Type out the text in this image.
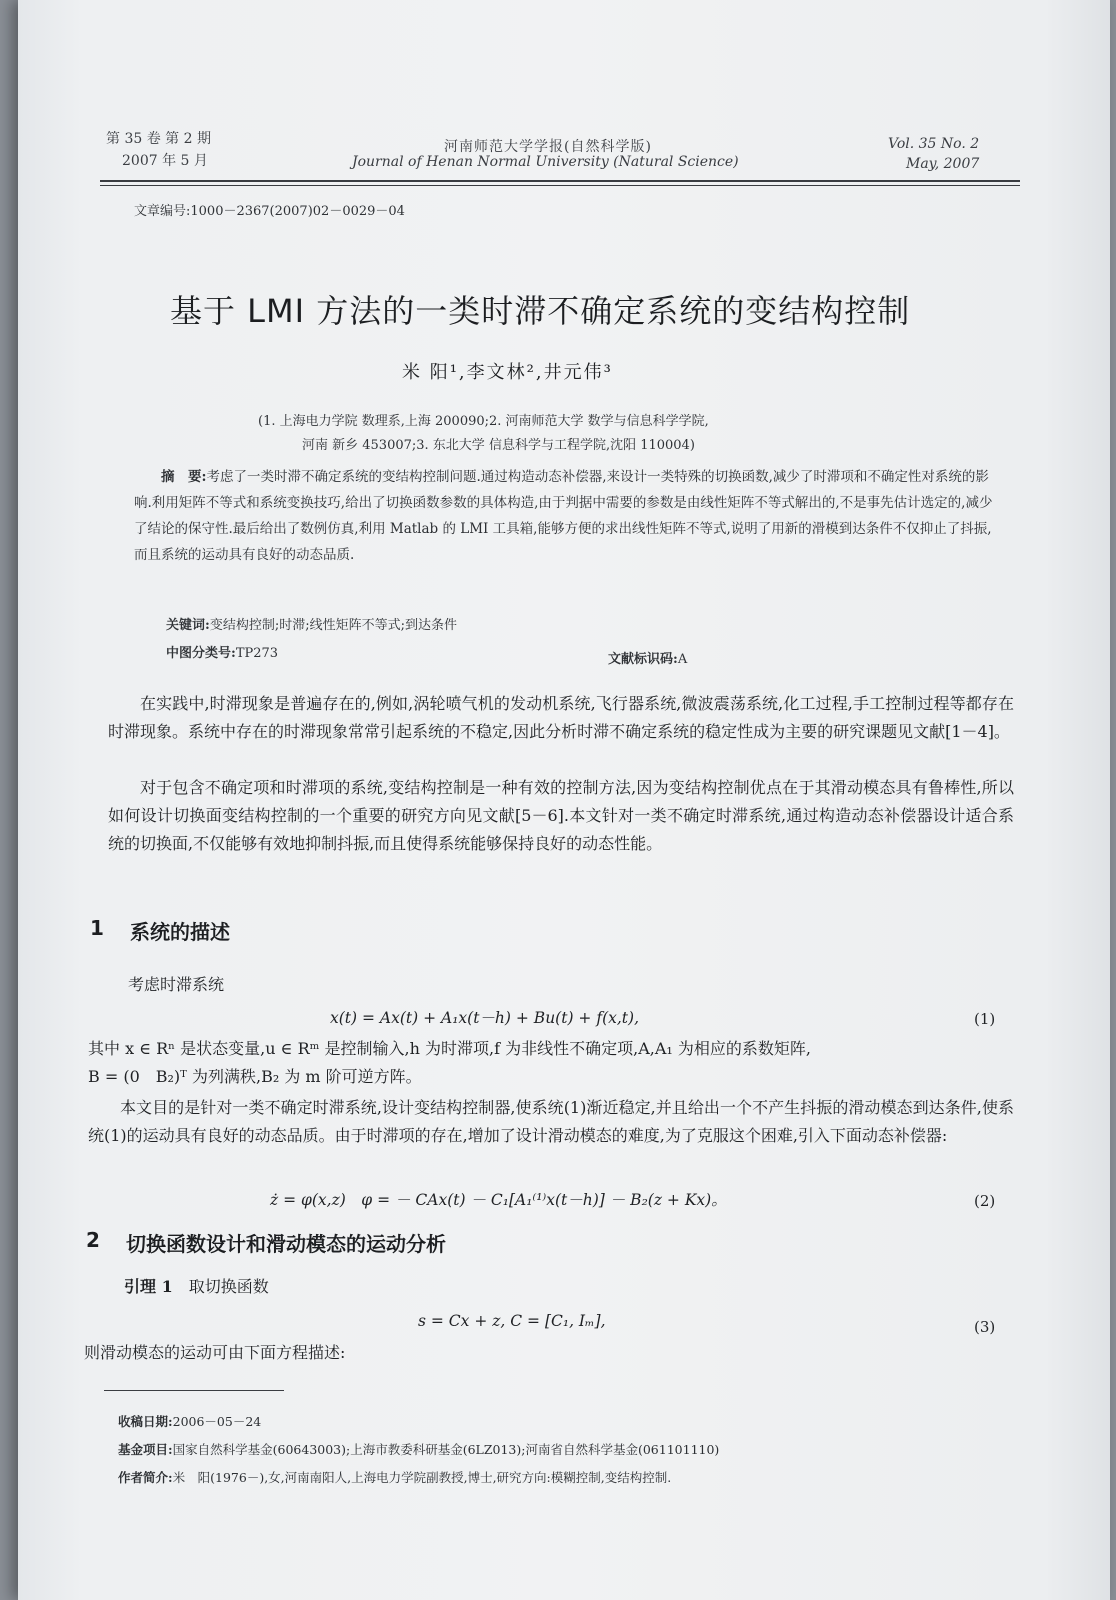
第 35 卷 第 2 期
2007 年 5 月
河南师范大学学报(自然科学版)
Journal of Henan Normal University (Natural Science)
Vol. 35 No. 2
May, 2007
文章编号:1000－2367(2007)02－0029－04
基于 LMI 方法的一类时滞不确定系统的变结构控制
米 阳¹,李文林²,井元伟³
(1. 上海电力学院 数理系,上海 200090;2. 河南师范大学 数学与信息科学学院,
河南 新乡 453007;3. 东北大学 信息科学与工程学院,沈阳 110004)
摘　要:考虑了一类时滞不确定系统的变结构控制问题.通过构造动态补偿器,来设计一类特殊的切换函数,减少了时滞项和不确定性对系统的影响.利用矩阵不等式和系统变换技巧,给出了切换函数参数的具体构造,由于判据中需要的参数是由线性矩阵不等式解出的,不是事先估计选定的,减少了结论的保守性.最后给出了数例仿真,利用 Matlab 的 LMI 工具箱,能够方便的求出线性矩阵不等式,说明了用新的滑模到达条件不仅抑止了抖振,而且系统的运动具有良好的动态品质.
关键词:变结构控制;时滞;线性矩阵不等式;到达条件
中图分类号:TP273	文献标识码:A
在实践中,时滞现象是普遍存在的,例如,涡轮喷气机的发动机系统,飞行器系统,微波震荡系统,化工过程,手工控制过程等都存在时滞现象。系统中存在的时滞现象常常引起系统的不稳定,因此分析时滞不确定系统的稳定性成为主要的研究课题见文献[1－4]。
对于包含不确定项和时滞项的系统,变结构控制是一种有效的控制方法,因为变结构控制优点在于其滑动模态具有鲁棒性,所以如何设计切换面变结构控制的一个重要的研究方向见文献[5－6].本文针对一类不确定时滞系统,通过构造动态补偿器设计适合系统的切换面,不仅能够有效地抑制抖振,而且使得系统能够保持良好的动态性能。
1 系统的描述
考虑时滞系统
x(t) = Ax(t) + A₁x(t－h) + Bu(t) + f(x,t),	(1)
其中 x ∈ Rⁿ 是状态变量,u ∈ Rᵐ 是控制输入,h 为时滞项,f 为非线性不确定项,A,A₁ 为相应的系数矩阵,
B = (0　B₂)ᵀ 为列满秩,B₂ 为 m 阶可逆方阵。
本文目的是针对一类不确定时滞系统,设计变结构控制器,使系统(1)渐近稳定,并且给出一个不产生抖振的滑动模态到达条件,使系统(1)的运动具有良好的动态品质。由于时滞项的存在,增加了设计滑动模态的难度,为了克服这个困难,引入下面动态补偿器:
ż = φ(x,z)　φ = － CAx(t) － C₁[A₁⁽¹⁾x(t－h)] － B₂(z + Kx)。	(2)
2 切换函数设计和滑动模态的运动分析
引理 1　 取切换函数
s = Cx + z, C = [C₁, Iₘ],	(3)
则滑动模态的运动可由下面方程描述:
收稿日期:2006－05－24
基金项目:国家自然科学基金(60643003);上海市教委科研基金(6LZ013);河南省自然科学基金(061101110)
作者简介:米　阳(1976－),女,河南南阳人,上海电力学院副教授,博士,研究方向:模糊控制,变结构控制.
